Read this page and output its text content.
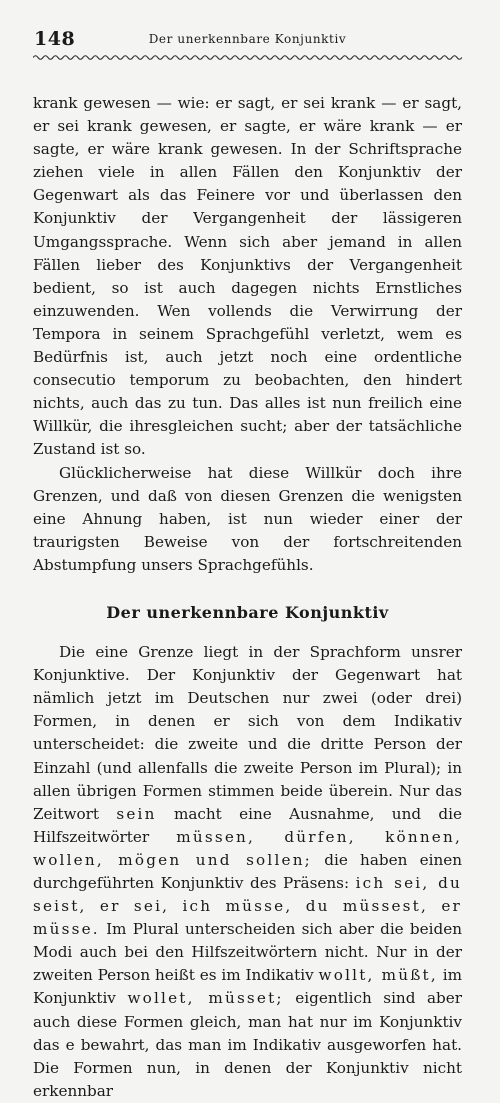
148	Der unerkennbare Konjunktiv

krank gewesen — wie: er sagt, er sei krank — er sagt, er sei krank gewesen, er sagte, er wäre krank — er sagte, er wäre krank gewesen. In der Schriftsprache ziehen viele in allen Fällen den Konjunktiv der Gegenwart als das Feinere vor und überlassen den Konjunktiv der Vergangenheit der lässigeren Umgangssprache. Wenn sich aber jemand in allen Fällen lieber des Konjunktivs der Vergangenheit bedient, so ist auch dagegen nichts Ernstliches einzuwenden. Wen vollends die Verwirrung der Tempora in seinem Sprachgefühl verletzt, wem es Bedürfnis ist, auch jetzt noch eine ordentliche consecutio temporum zu beobachten, den hindert nichts, auch das zu tun. Das alles ist nun freilich eine Willkür, die ihresgleichen sucht; aber der tatsächliche Zustand ist so.

Glücklicherweise hat diese Willkür doch ihre Grenzen, und daß von diesen Grenzen die wenigsten eine Ahnung haben, ist nun wieder einer der traurigsten Beweise von der fortschreitenden Abstumpfung unsers Sprachgefühls.

Der unerkennbare Konjunktiv

Die eine Grenze liegt in der Sprachform unsrer Konjunktive. Der Konjunktiv der Gegenwart hat nämlich jetzt im Deutschen nur zwei (oder drei) Formen, in denen er sich von dem Indikativ unterscheidet: die zweite und die dritte Person der Einzahl (und allenfalls die zweite Person im Plural); in allen übrigen Formen stimmen beide überein. Nur das Zeitwort sein macht eine Ausnahme, und die Hilfszeitwörter müssen, dürfen, können, wollen, mögen und sollen; die haben einen durchgeführten Konjunktiv des Präsens: ich sei, du seist, er sei, ich müsse, du müssest, er müsse. Im Plural unterscheiden sich aber die beiden Modi auch bei den Hilfszeitwörtern nicht. Nur in der zweiten Person heißt es im Indikativ wollt, müßt, im Konjunktiv wollet, müsset; eigentlich sind aber auch diese Formen gleich, man hat nur im Konjunktiv das e bewahrt, das man im Indikativ ausgeworfen hat. Die Formen nun, in denen der Konjunktiv nicht erkennbar
